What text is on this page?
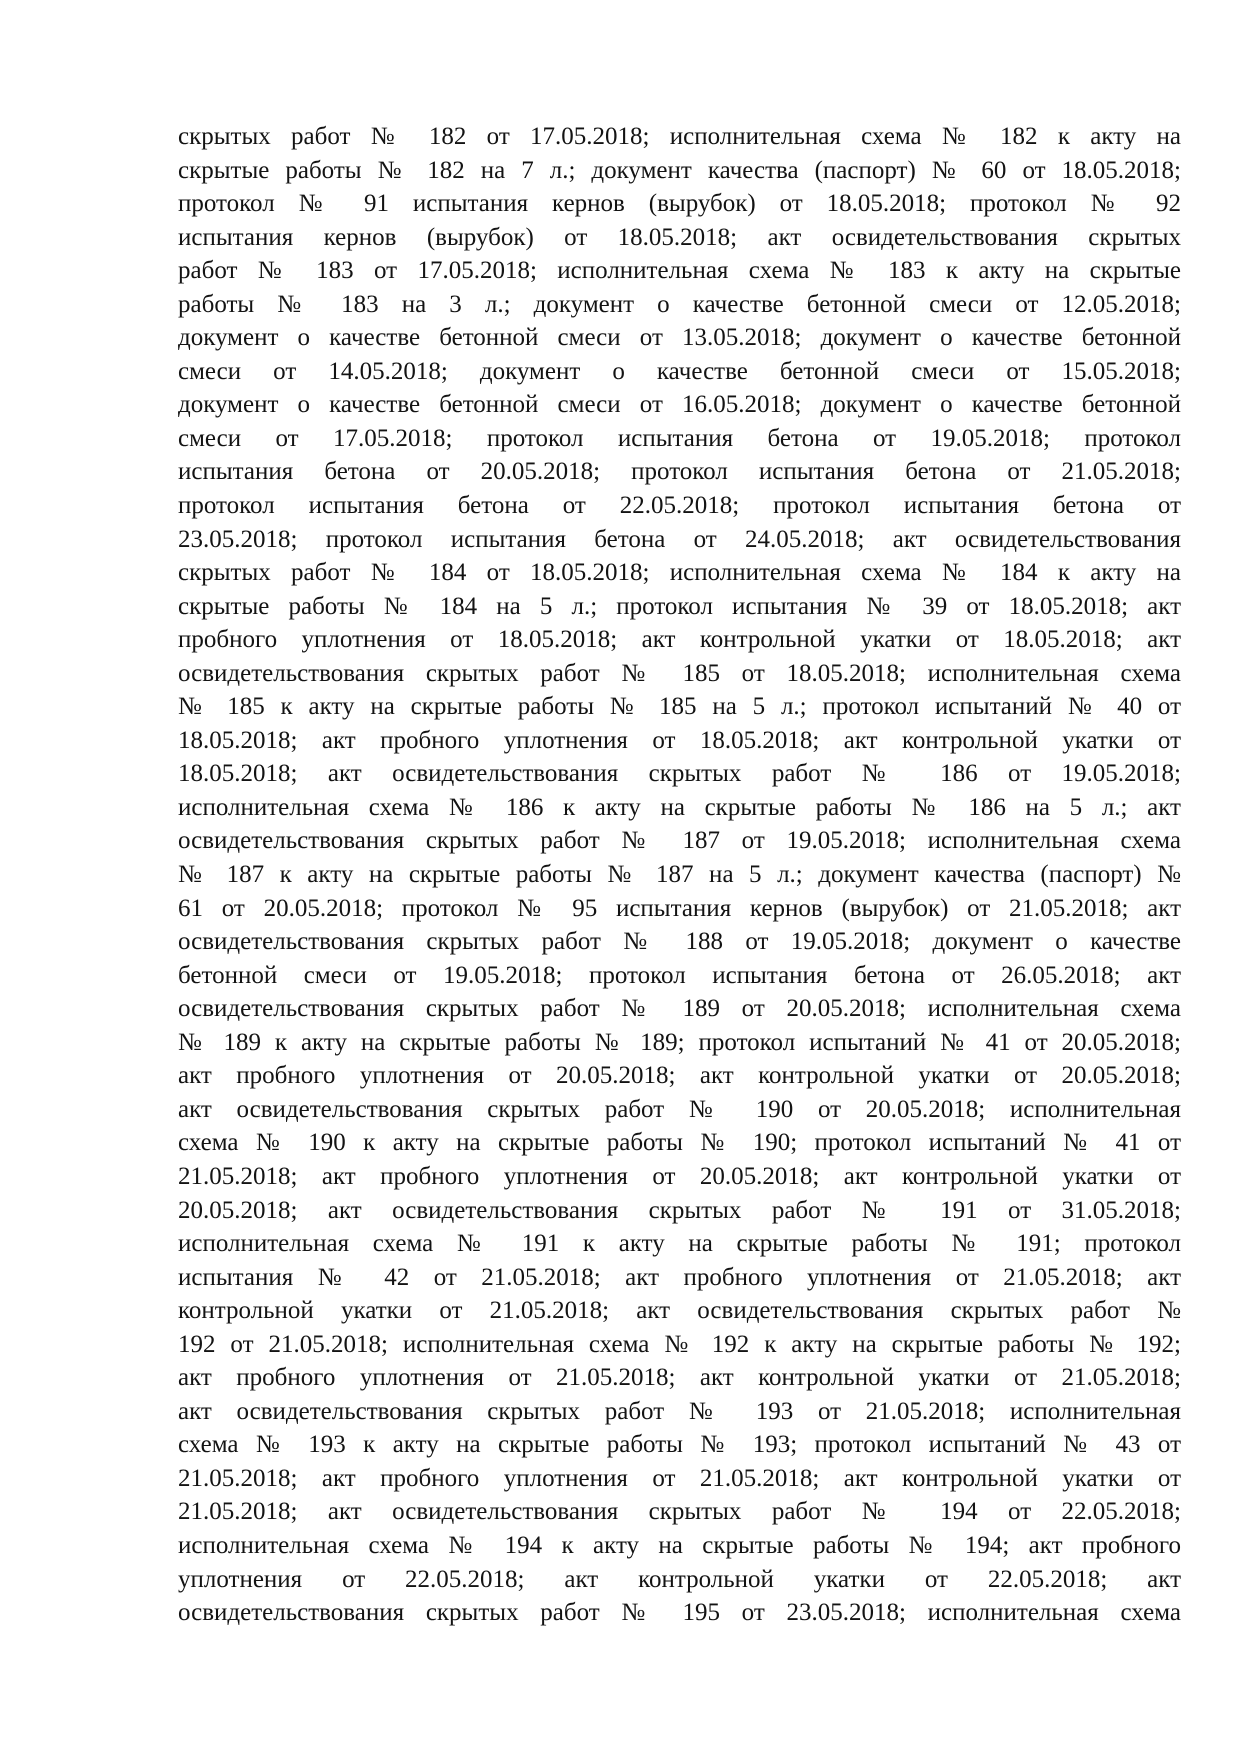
скрытых работ № 182 от 17.05.2018; исполнительная схема № 182 к акту на
скрытые работы № 182 на 7 л.; документ качества (паспорт) № 60 от 18.05.2018;
протокол № 91 испытания кернов (вырубок) от 18.05.2018; протокол № 92
испытания кернов (вырубок) от 18.05.2018; акт освидетельствования скрытых
работ № 183 от 17.05.2018; исполнительная схема № 183 к акту на скрытые
работы № 183 на 3 л.; документ о качестве бетонной смеси от 12.05.2018;
документ о качестве бетонной смеси от 13.05.2018; документ о качестве бетонной
смеси от 14.05.2018; документ о качестве бетонной смеси от 15.05.2018;
документ о качестве бетонной смеси от 16.05.2018; документ о качестве бетонной
смеси от 17.05.2018; протокол испытания бетона от 19.05.2018; протокол
испытания бетона от 20.05.2018; протокол испытания бетона от 21.05.2018;
протокол испытания бетона от 22.05.2018; протокол испытания бетона от
23.05.2018; протокол испытания бетона от 24.05.2018; акт освидетельствования
скрытых работ № 184 от 18.05.2018; исполнительная схема № 184 к акту на
скрытые работы № 184 на 5 л.; протокол испытания № 39 от 18.05.2018; акт
пробного уплотнения от 18.05.2018; акт контрольной укатки от 18.05.2018; акт
освидетельствования скрытых работ № 185 от 18.05.2018; исполнительная схема
№ 185 к акту на скрытые работы № 185 на 5 л.; протокол испытаний № 40 от
18.05.2018; акт пробного уплотнения от 18.05.2018; акт контрольной укатки от
18.05.2018; акт освидетельствования скрытых работ № 186 от 19.05.2018;
исполнительная схема № 186 к акту на скрытые работы № 186 на 5 л.; акт
освидетельствования скрытых работ № 187 от 19.05.2018; исполнительная схема
№ 187 к акту на скрытые работы № 187 на 5 л.; документ качества (паспорт) №
61 от 20.05.2018; протокол № 95 испытания кернов (вырубок) от 21.05.2018; акт
освидетельствования скрытых работ № 188 от 19.05.2018; документ о качестве
бетонной смеси от 19.05.2018; протокол испытания бетона от 26.05.2018; акт
освидетельствования скрытых работ № 189 от 20.05.2018; исполнительная схема
№ 189 к акту на скрытые работы № 189; протокол испытаний № 41 от 20.05.2018;
акт пробного уплотнения от 20.05.2018; акт контрольной укатки от 20.05.2018;
акт освидетельствования скрытых работ № 190 от 20.05.2018; исполнительная
схема № 190 к акту на скрытые работы № 190; протокол испытаний № 41 от
21.05.2018; акт пробного уплотнения от 20.05.2018; акт контрольной укатки от
20.05.2018; акт освидетельствования скрытых работ № 191 от 31.05.2018;
исполнительная схема № 191 к акту на скрытые работы № 191; протокол
испытания № 42 от 21.05.2018; акт пробного уплотнения от 21.05.2018; акт
контрольной укатки от 21.05.2018; акт освидетельствования скрытых работ №
192 от 21.05.2018; исполнительная схема № 192 к акту на скрытые работы № 192;
акт пробного уплотнения от 21.05.2018; акт контрольной укатки от 21.05.2018;
акт освидетельствования скрытых работ № 193 от 21.05.2018; исполнительная
схема № 193 к акту на скрытые работы № 193; протокол испытаний № 43 от
21.05.2018; акт пробного уплотнения от 21.05.2018; акт контрольной укатки от
21.05.2018; акт освидетельствования скрытых работ № 194 от 22.05.2018;
исполнительная схема № 194 к акту на скрытые работы № 194; акт пробного
уплотнения от 22.05.2018; акт контрольной укатки от 22.05.2018; акт
освидетельствования скрытых работ № 195 от 23.05.2018; исполнительная схема
